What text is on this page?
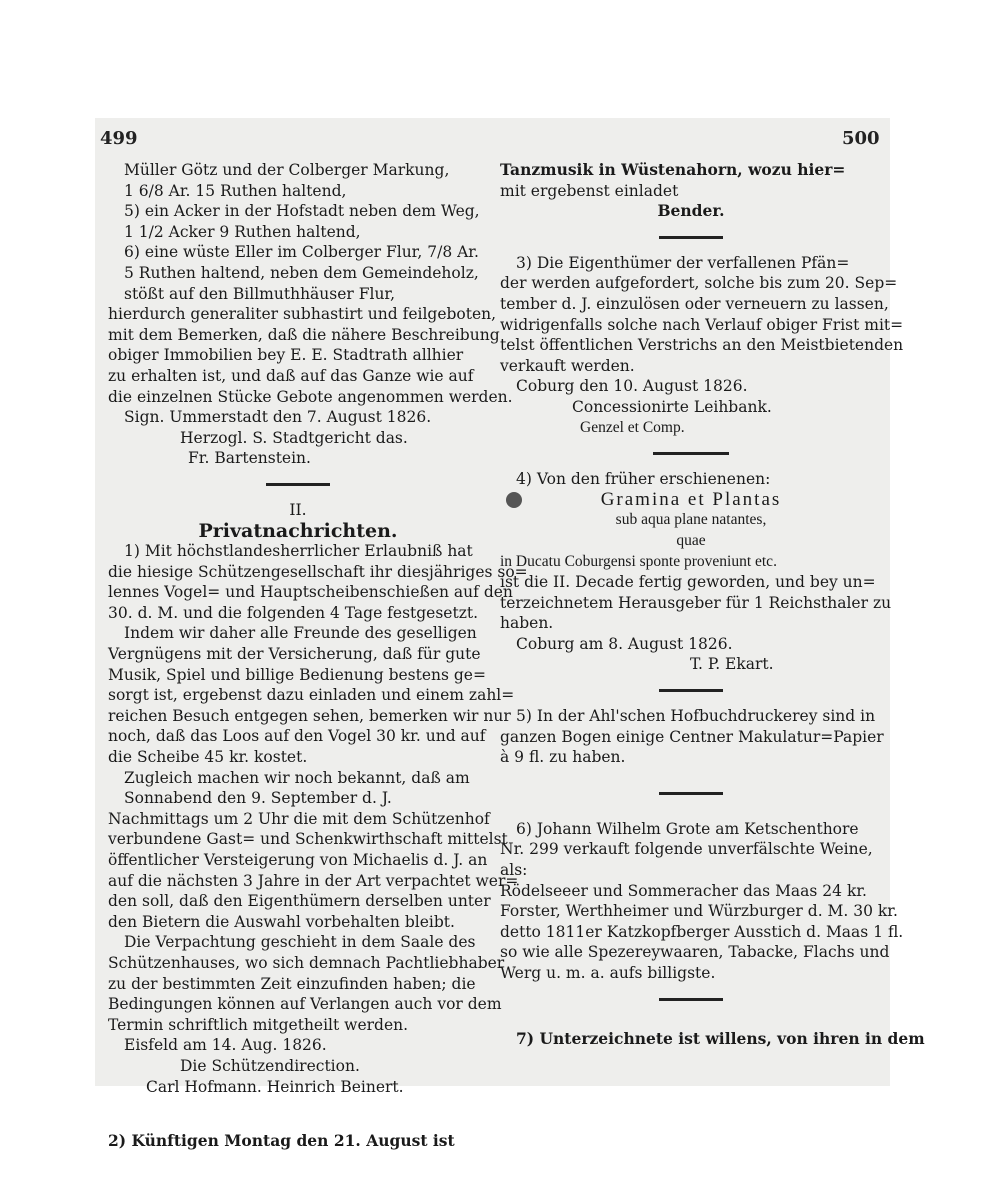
499	500

Müller Götz und der Colberger Markung,

1 6/8 Ar. 15 Ruthen haltend,

5) ein Acker in der Hofstadt neben dem Weg,

1 1/2 Acker 9 Ruthen haltend,

6) eine wüste Eller im Colberger Flur, 7/8 Ar.

5 Ruthen haltend, neben dem Gemeindeholz,

stößt auf den Billmuthhäuser Flur,

hierdurch generaliter subhastirt und feilgeboten,

mit dem Bemerken, daß die nähere Beschreibung

obiger Immobilien bey E. E. Stadtrath allhier

zu erhalten ist, und daß auf das Ganze wie auf

die einzelnen Stücke Gebote angenommen werden.

Sign. Ummerstadt den 7. August 1826.

Herzogl. S. Stadtgericht das.

Fr. Bartenstein.

II.

Privatnachrichten.

1) Mit höchstlandesherrlicher Erlaubniß hat

die hiesige Schützengesellschaft ihr diesjähriges so=

lennes Vogel= und Hauptscheibenschießen auf den

30. d. M. und die folgenden 4 Tage festgesetzt.

Indem wir daher alle Freunde des geselligen

Vergnügens mit der Versicherung, daß für gute

Musik, Spiel und billige Bedienung bestens ge=

sorgt ist, ergebenst dazu einladen und einem zahl=

reichen Besuch entgegen sehen, bemerken wir nur

noch, daß das Loos auf den Vogel 30 kr. und auf

die Scheibe 45 kr. kostet.

Zugleich machen wir noch bekannt, daß am

Sonnabend den 9. September d. J.

Nachmittags um 2 Uhr die mit dem Schützenhof

verbundene Gast= und Schenkwirthschaft mittelst

öffentlicher Versteigerung von Michaelis d. J. an

auf die nächsten 3 Jahre in der Art verpachtet wer=

den soll, daß den Eigenthümern derselben unter

den Bietern die Auswahl vorbehalten bleibt.

Die Verpachtung geschieht in dem Saale des

Schützenhauses, wo sich demnach Pachtliebhaber

zu der bestimmten Zeit einzufinden haben; die

Bedingungen können auf Verlangen auch vor dem

Termin schriftlich mitgetheilt werden.

Eisfeld am 14. Aug. 1826.

Die Schützendirection.

Carl Hofmann. Heinrich Beinert.

2) Künftigen Montag den 21. August ist

Tanzmusik in Wüstenahorn, wozu hier=

mit ergebenst einladet

Bender.

3) Die Eigenthümer der verfallenen Pfän=

der werden aufgefordert, solche bis zum 20. Sep=

tember d. J. einzulösen oder verneuern zu lassen,

widrigenfalls solche nach Verlauf obiger Frist mit=

telst öffentlichen Verstrichs an den Meistbietenden

verkauft werden.

Coburg den 10. August 1826.

Concessionirte Leihbank.

Genzel et Comp.

4) Von den früher erschienenen:

Gramina et Plantas

sub aqua plane natantes,

quae

in Ducatu Coburgensi sponte proveniunt etc.

ist die II. Decade fertig geworden, und bey un=

terzeichnetem Herausgeber für 1 Reichsthaler zu

haben.

Coburg am 8. August 1826.

T. P. Ekart.

5) In der Ahl'schen Hofbuchdruckerey sind in

ganzen Bogen einige Centner Makulatur=Papier

à 9 fl. zu haben.

6) Johann Wilhelm Grote am Ketschenthore

Nr. 299 verkauft folgende unverfälschte Weine,

als:

Rödelseeer und Sommeracher das Maas 24 kr.

Forster, Werthheimer und Würzburger d. M. 30 kr.

detto 1811er Katzkopfberger Ausstich d. Maas 1 fl.

so wie alle Spezereywaaren, Tabacke, Flachs und

Werg u. m. a. aufs billigste.

7) Unterzeichnete ist willens, von ihren in dem
